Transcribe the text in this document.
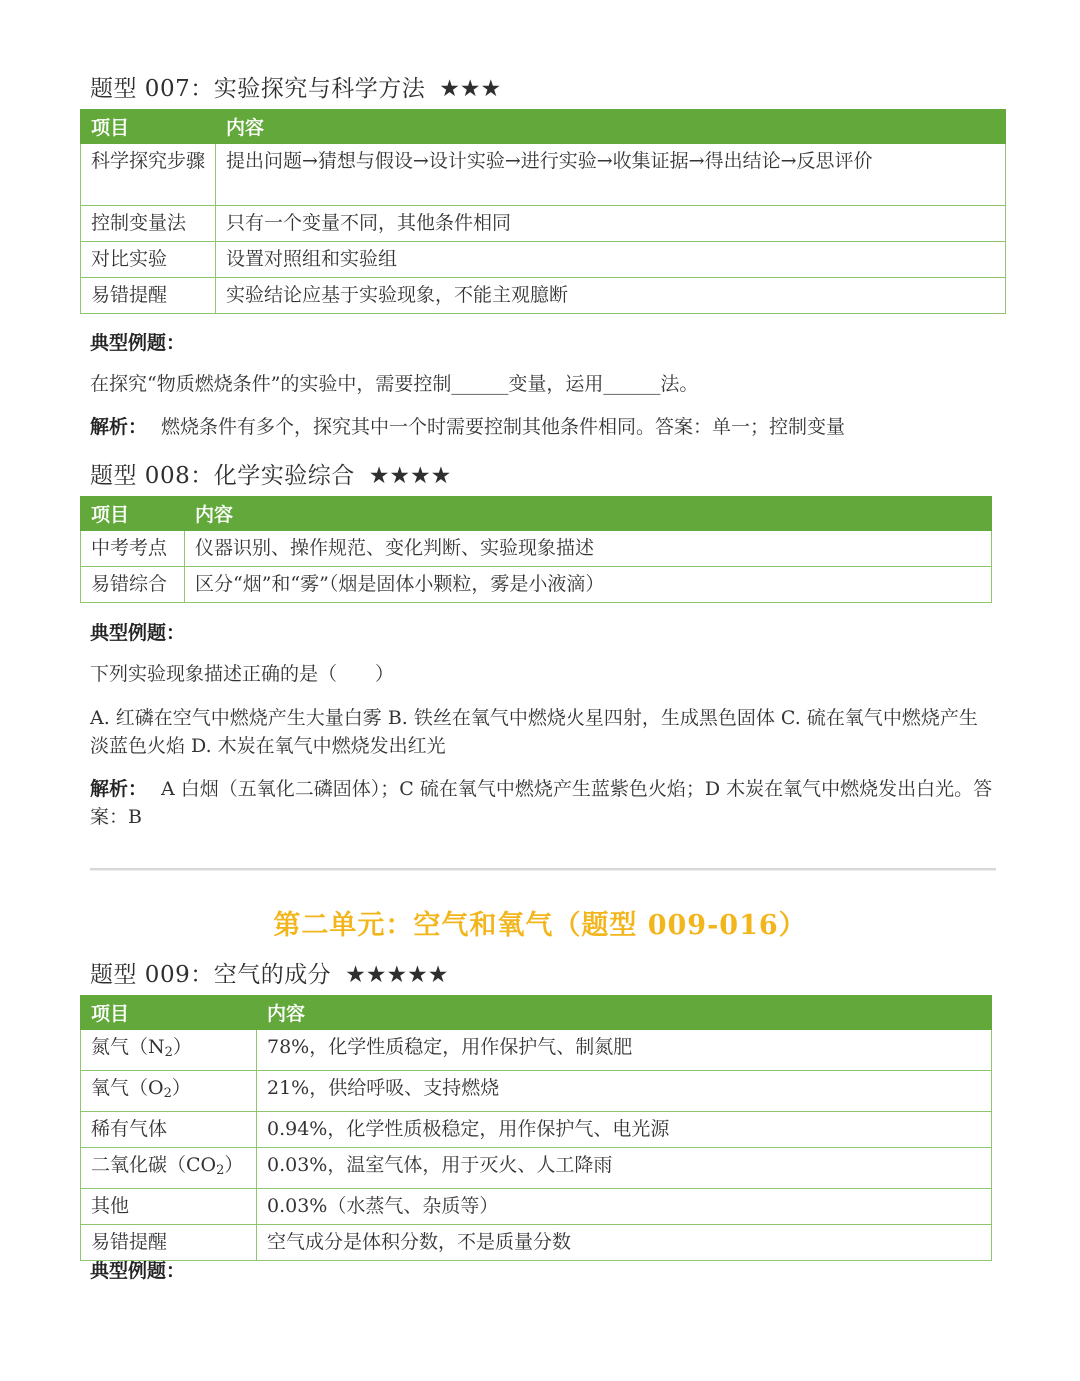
题型 007：实验探究与科学方法 ★★★
项目	内容
科学探究步骤	提出问题→猜想与假设→设计实验→进行实验→收集证据→得出结论→反思评价
控制变量法	只有一个变量不同，其他条件相同
对比实验	设置对照组和实验组
易错提醒	实验结论应基于实验现象，不能主观臆断
典型例题：
在探究“物质燃烧条件”的实验中，需要控制______变量，运用______法。
解析： 燃烧条件有多个，探究其中一个时需要控制其他条件相同。答案：单一；控制变量
题型 008：化学实验综合 ★★★★
项目	内容
中考考点	仪器识别、操作规范、变化判断、实验现象描述
易错综合	区分“烟”和“雾”（烟是固体小颗粒，雾是小液滴）
典型例题：
下列实验现象描述正确的是（　　）
A. 红磷在空气中燃烧产生大量白雾 B. 铁丝在氧气中燃烧火星四射，生成黑色固体 C. 硫在氧气中燃烧产生淡蓝色火焰 D. 木炭在氧气中燃烧发出红光
解析： A 白烟（五氧化二磷固体）；C 硫在氧气中燃烧产生蓝紫色火焰；D 木炭在氧气中燃烧发出白光。答案：B
第二单元：空气和氧气（题型 009-016）
题型 009：空气的成分 ★★★★★
项目	内容
氮气$(N_2)$	78%，化学性质稳定，用作保护气、制氮肥
氧气$(O_2)$	21%，供给呼吸、支持燃烧
稀有气体	0.94%，化学性质极稳定，用作保护气、电光源
二氧化碳$(CO_2)$	0.03%，温室气体，用于灭火、人工降雨
其他	0.03%（水蒸气、杂质等）
易错提醒	空气成分是体积分数，不是质量分数
典型例题：
